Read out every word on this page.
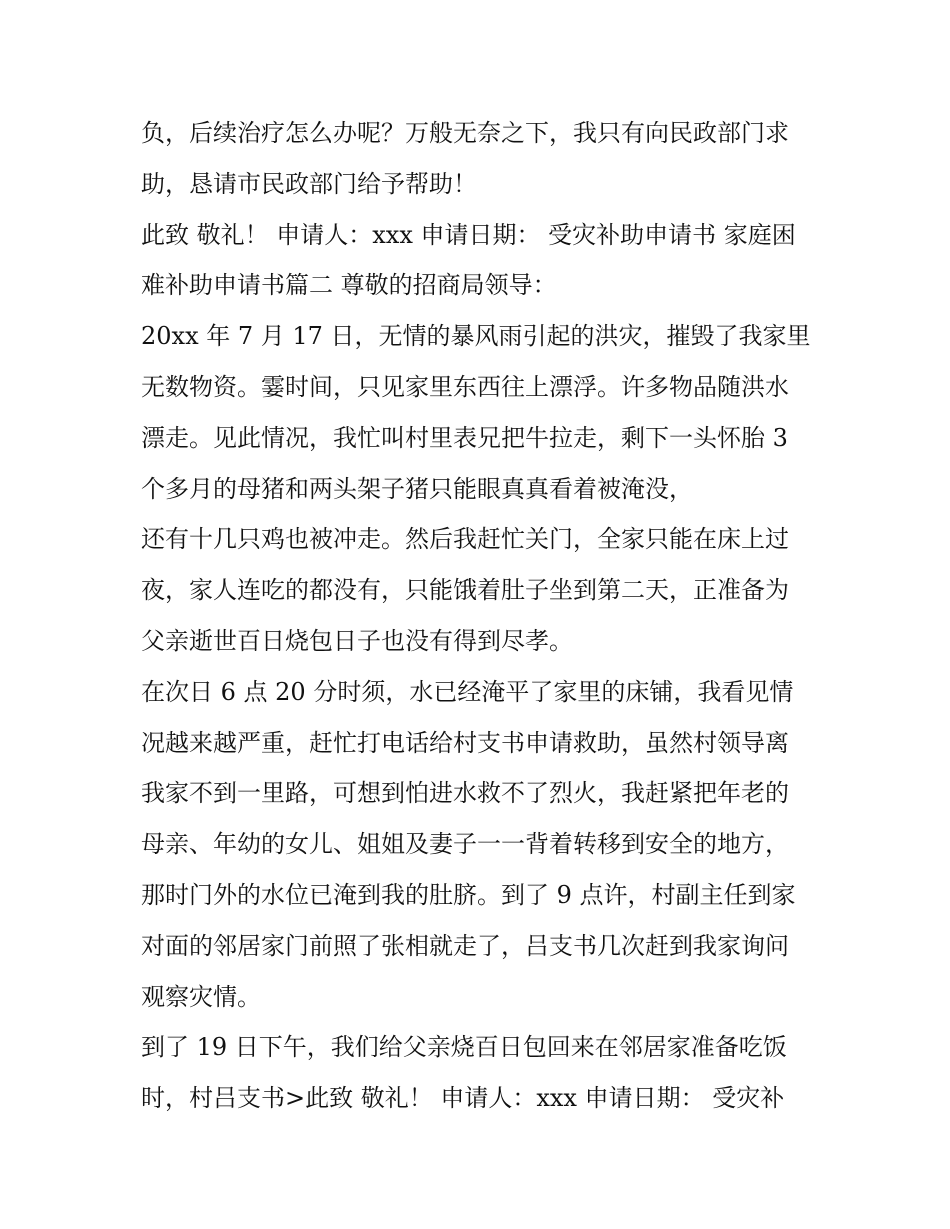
负，后续治疗怎么办呢？万般无奈之下，我只有向民政部门求
助，恳请市民政部门给予帮助！
此致 敬礼！ 申请人：xxx 申请日期： 受灾补助申请书 家庭困
难补助申请书篇二 尊敬的招商局领导：
20xx 年 7 月 17 日，无情的暴风雨引起的洪灾，摧毁了我家里
无数物资。霎时间，只见家里东西往上漂浮。许多物品随洪水
漂走。见此情况，我忙叫村里表兄把牛拉走，剩下一头怀胎 3
个多月的母猪和两头架子猪只能眼真真看着被淹没，
还有十几只鸡也被冲走。然后我赶忙关门，全家只能在床上过
夜，家人连吃的都没有，只能饿着肚子坐到第二天，正准备为
父亲逝世百日烧包日子也没有得到尽孝。
在次日 6 点 20 分时须，水已经淹平了家里的床铺，我看见情
况越来越严重，赶忙打电话给村支书申请救助，虽然村领导离
我家不到一里路，可想到怕进水救不了烈火，我赶紧把年老的
母亲、年幼的女儿、姐姐及妻子一一背着转移到安全的地方，
那时门外的水位已淹到我的肚脐。到了 9 点许，村副主任到家
对面的邻居家门前照了张相就走了，吕支书几次赶到我家询问
观察灾情。
到了 19 日下午，我们给父亲烧百日包回来在邻居家准备吃饭
时，村吕支书>此致 敬礼！ 申请人：xxx 申请日期： 受灾补
